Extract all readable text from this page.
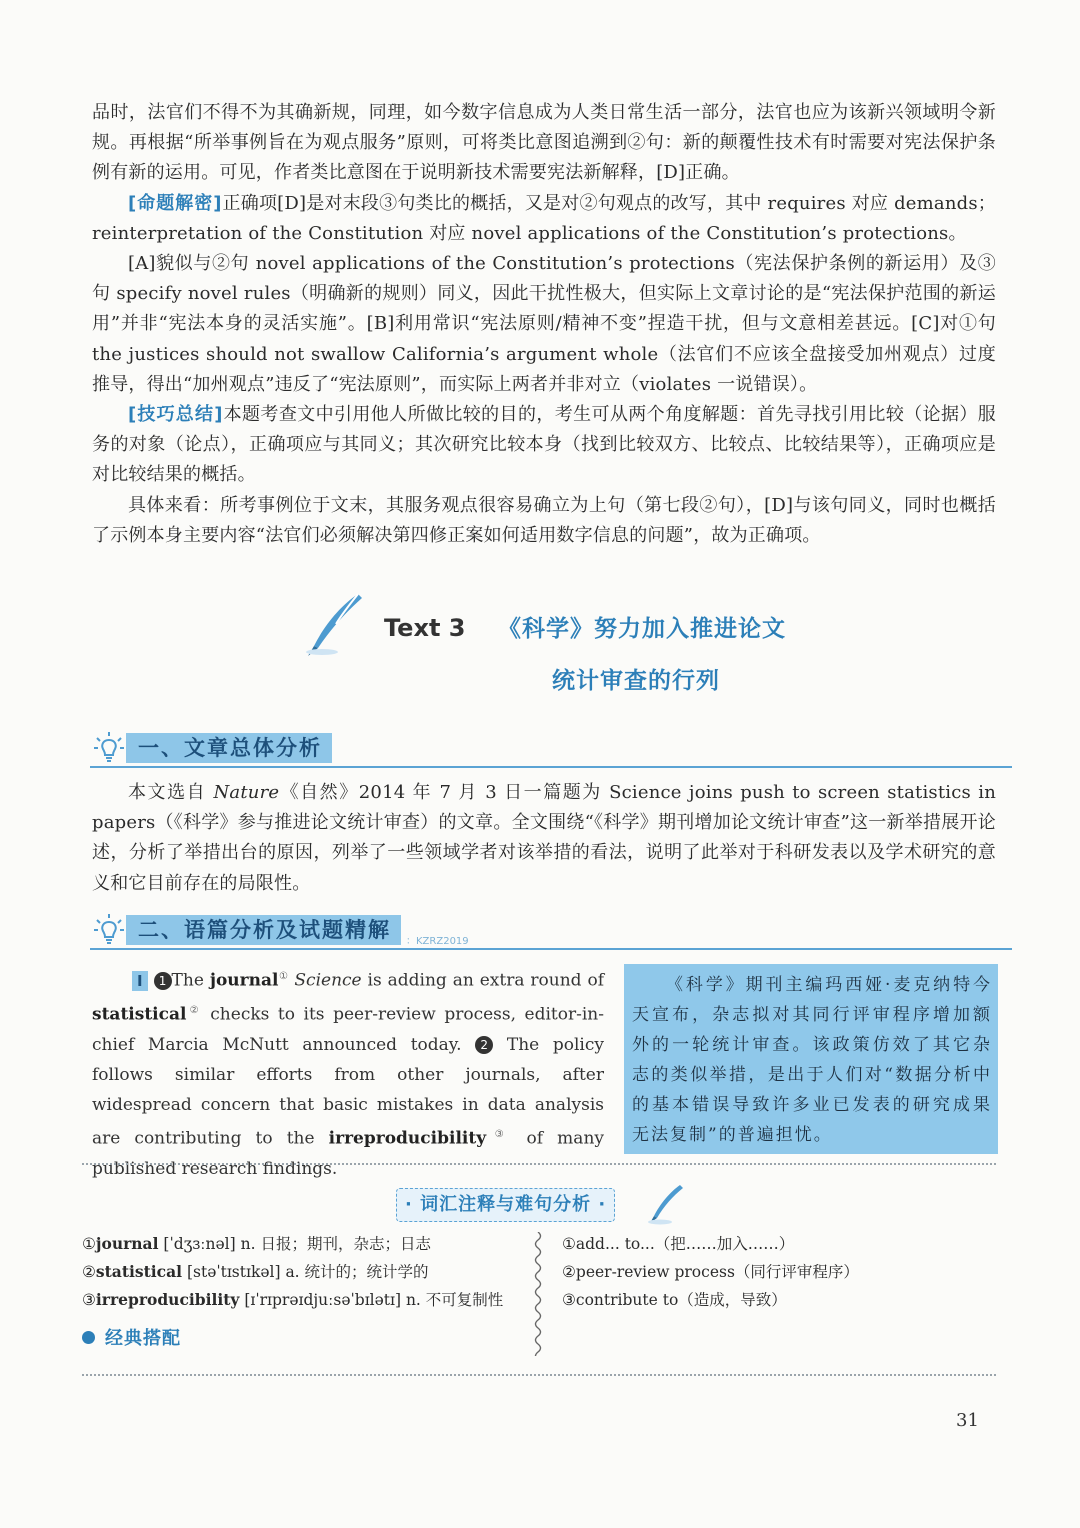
品时，法官们不得不为其确新规，同理，如今数字信息成为人类日常生活一部分，法官也应为该新兴领域明令新规。再根据“所举事例旨在为观点服务”原则，可将类比意图追溯到②句：新的颠覆性技术有时需要对宪法保护条例有新的运用。可见，作者类比意图在于说明新技术需要宪法新解释，[D]正确。

[命题解密]正确项[D]是对末段③句类比的概括，又是对②句观点的改写，其中 requires 对应 demands；reinterpretation of the Constitution 对应 novel applications of the Constitution’s protections。

[A]貌似与②句 novel applications of the Constitution’s protections（宪法保护条例的新运用）及③句 specify novel rules（明确新的规则）同义，因此干扰性极大，但实际上文章讨论的是“宪法保护范围的新运用”并非“宪法本身的灵活实施”。[B]利用常识“宪法原则/精神不变”捏造干扰，但与文意相差甚远。[C]对①句 the justices should not swallow California’s argument whole（法官们不应该全盘接受加州观点）过度推导，得出“加州观点”违反了“宪法原则”，而实际上两者并非对立（violates 一说错误）。

[技巧总结]本题考查文中引用他人所做比较的目的，考生可从两个角度解题：首先寻找引用比较（论据）服务的对象（论点），正确项应与其同义；其次研究比较本身（找到比较双方、比较点、比较结果等），正确项应是对比较结果的概括。

具体来看：所考事例位于文末，其服务观点很容易确立为上句（第七段②句），[D]与该句同义，同时也概括了示例本身主要内容“法官们必须解决第四修正案如何适用数字信息的问题”，故为正确项。

Text 3 《科学》努力加入推进论文
统计审查的行列
一、文章总体分析
本文选自 Nature《自然》2014 年 7 月 3 日一篇题为 Science joins push to screen statistics in papers（《科学》参与推进论文统计审查）的文章。全文围绕“《科学》期刊增加论文统计审查”这一新举措展开论述，分析了举措出台的原因，列举了一些领域学者对该举措的看法，说明了此举对于科研发表以及学术研究的意义和它目前存在的局限性。
二、语篇分析及试题精解	：KZRZ2019
I 1 The journal① Science is adding an extra round of statistical② checks to its peer-review process, editor-in-chief Marcia McNutt announced today. 2 The policy follows similar efforts from other journals, after widespread concern that basic mistakes in data analysis are contributing to the irreproducibility③ of many published research findings.
《科学》期刊主编玛西娅·麦克纳特今天宣布，杂志拟对其同行评审程序增加额外的一轮统计审查。该政策仿效了其它杂志的类似举措，是出于人们对“数据分析中的基本错误导致许多业已发表的研究成果无法复制”的普遍担忧。
· 词汇注释与难句分析 ·
①journal [ˈdʒɜːnəl] n. 日报；期刊，杂志；日志
②statistical [stəˈtɪstɪkəl] a. 统计的；统计学的
③irreproducibility [ɪˈrɪprəɪdjuːsəˈbɪlətɪ] n. 不可复制性
①add... to...（把……加入……）
②peer-review process（同行评审程序）
③contribute to（造成，导致）
经典搭配
31
